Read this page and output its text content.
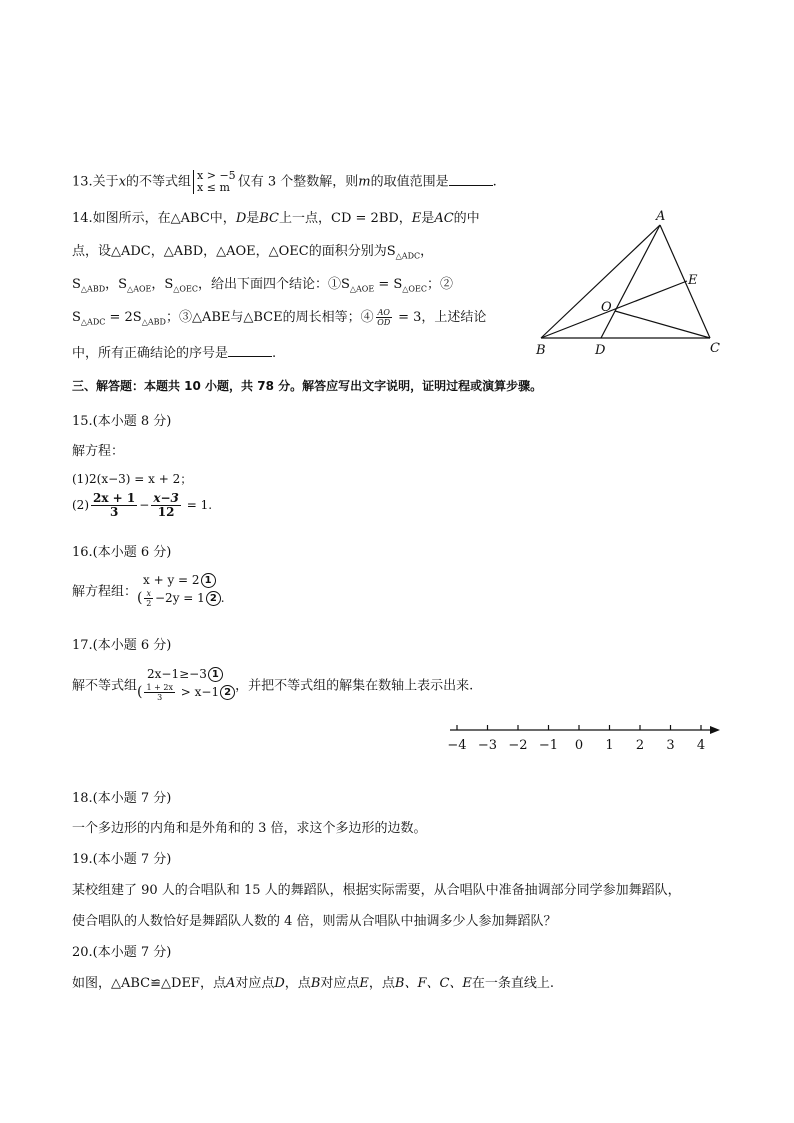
13.关于x的不等式组 x > −5
x ≤ m 仅有 3 个整数解，则m的取值范围是	.
14.如图所示，在△ABC中，D是BC上一点，CD = 2BD，E是AC的中
点，设△ADC，△ABD，△AOE，△OEC的面积分别为$S_{\triangle ADC}$，
$S_{\triangle ABD}$，$S_{\triangle AOE}$，$S_{\triangle OEC}$，给出下面四个结论：$①S_{\triangle AOE} = S_{\triangle OEC}$；②
$S_{\triangle ADC} = 2S_{\triangle ABD}$；③△ABE与△BCE的周长相等；④ $\frac{AO}{OD} = 3$，上述结论
中，所有正确结论的序号是	.
A
B	C
D
E
O
三、解答题：本题共 10 小题，共 78 分。解答应写出文字说明，证明过程或演算步骤。
15.(本小题 8 分)
解方程：
(1)2(x−3) = x + 2；
$(2) \frac{2x + 1}{3} - \frac{x-3}{12} = 1$.
16.(本小题 6 分)
解方程组：
x + y = 2 1
( $\frac{x}{2} -2y = 1$ 2 .
17.(本小题 6 分)
解不等式组
2x−1≥−3 1
( $\frac{1 + 2x}{3} > x-1$ 2 ，并把不等式组的解集在数轴上表示出来.
−4 −3 −2 −1 0 1 2 3 4
18.(本小题 7 分)
一个多边形的内角和是外角和的 3 倍，求这个多边形的边数。
19.(本小题 7 分)
某校组建了 90 人的合唱队和 15 人的舞蹈队，根据实际需要，从合唱队中准备抽调部分同学参加舞蹈队，
使合唱队的人数恰好是舞蹈队人数的 4 倍，则需从合唱队中抽调多少人参加舞蹈队？
20.(本小题 7 分)
如图，△ABC≌△DEF，点A对应点D，点B对应点E，点B、F、C、E在一条直线上.
